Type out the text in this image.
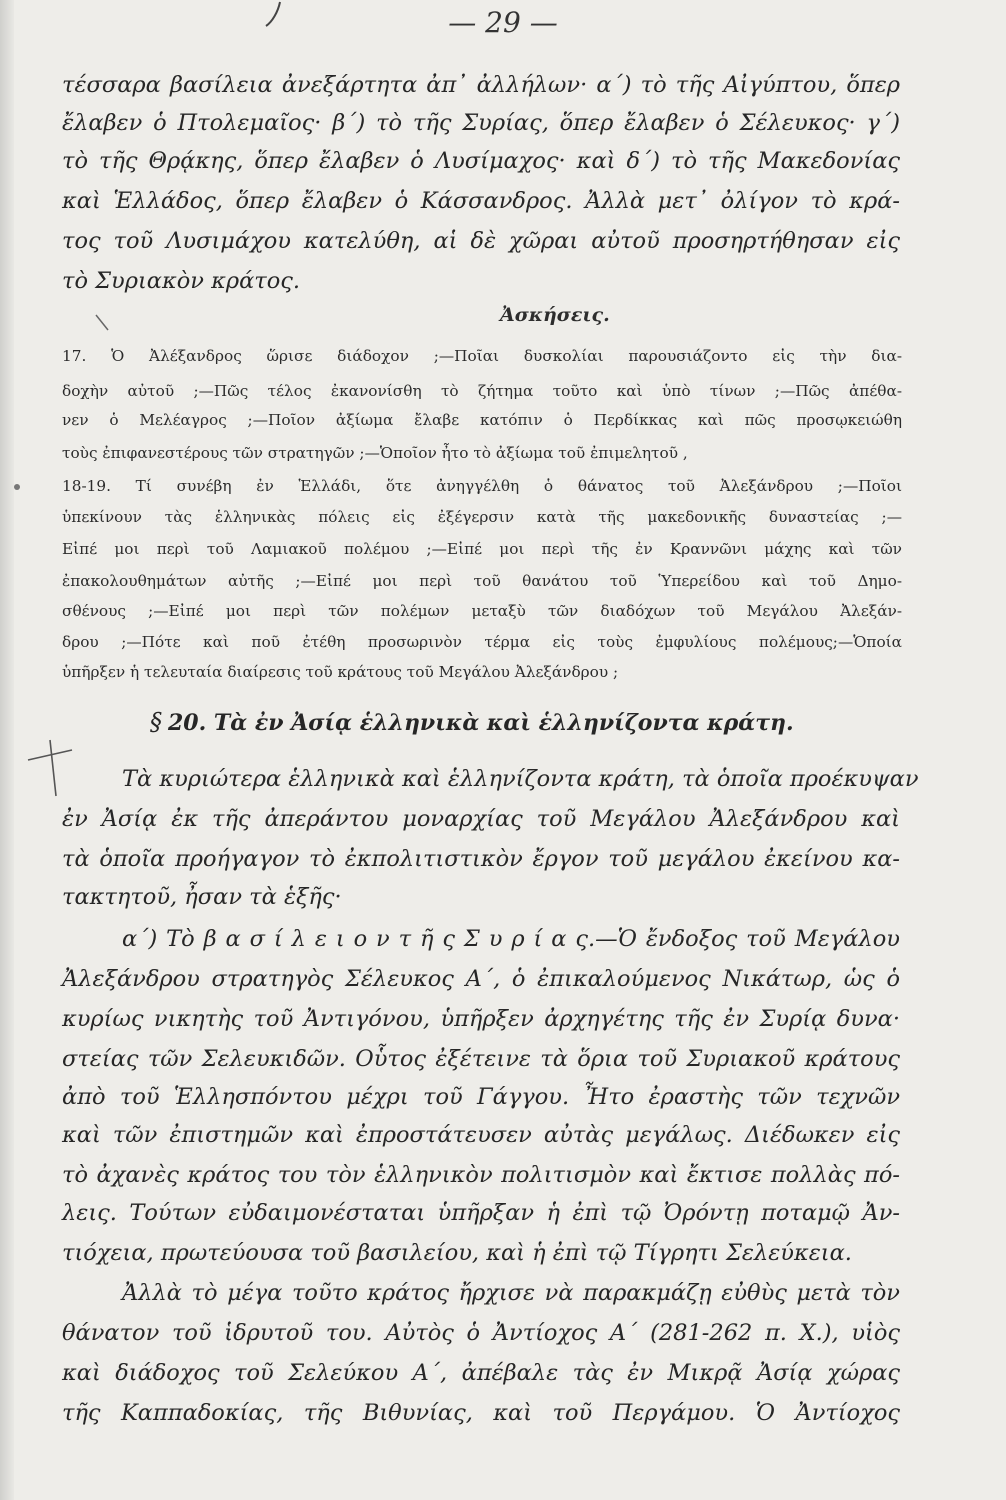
— 29 —
τέσσαρα βασίλεια ἀνεξάρτητα ἀπ᾽ ἀλλήλων· α΄) τὸ τῆς Αἰγύπτου, ὅπερ
ἔλαβεν ὁ Πτολεμαῖος· β΄) τὸ τῆς Συρίας, ὅπερ ἔλαβεν ὁ Σέλευκος· γ΄)
τὸ τῆς Θρᾴκης, ὅπερ ἔλαβεν ὁ Λυσίμαχος· καὶ δ΄) τὸ τῆς Μακεδονίας
καὶ Ἑλλάδος, ὅπερ ἔλαβεν ὁ Κάσσανδρος. Ἀλλὰ μετ᾽ ὀλίγον τὸ κρά-
τος τοῦ Λυσιμάχου κατελύθη, αἱ δὲ χῶραι αὐτοῦ προσηρτήθησαν εἰς
τὸ Συριακὸν κράτος.
Ἀσκήσεις.
17. Ὁ Ἀλέξανδρος ὥρισε διάδοχον ;—Ποῖαι δυσκολίαι παρουσιάζοντο εἰς τὴν δια-
δοχὴν αὐτοῦ ;—Πῶς τέλος ἐκανονίσθη τὸ ζήτημα τοῦτο καὶ ὑπὸ τίνων ;—Πῶς ἀπέθα-
νεν ὁ Μελέαγρος ;—Ποῖον ἀξίωμα ἔλαβε κατόπιν ὁ Περδίκκας καὶ πῶς προσῳκειώθη
τοὺς ἐπιφανεστέρους τῶν στρατηγῶν ;—Ὁποῖον ἦτο τὸ ἀξίωμα τοῦ ἐπιμελητοῦ ,
18-19. Τί συνέβη ἐν Ἑλλάδι, ὅτε ἀνηγγέλθη ὁ θάνατος τοῦ Ἀλεξάνδρου ;—Ποῖοι
ὑπεκίνουν τὰς ἑλληνικὰς πόλεις εἰς ἐξέγερσιν κατὰ τῆς μακεδονικῆς δυναστείας ;—
Εἰπέ μοι περὶ τοῦ Λαμιακοῦ πολέμου ;—Εἰπέ μοι περὶ τῆς ἐν Κραννῶνι μάχης καὶ τῶν
ἐπακολουθημάτων αὐτῆς ;—Εἰπέ μοι περὶ τοῦ θανάτου τοῦ Ὑπερείδου καὶ τοῦ Δημο-
σθένους ;—Εἰπέ μοι περὶ τῶν πολέμων μεταξὺ τῶν διαδόχων τοῦ Μεγάλου Ἀλεξάν-
δρου ;—Πότε καὶ ποῦ ἐτέθη προσωρινὸν τέρμα εἰς τοὺς ἐμφυλίους πολέμους;—Ὁποία
ὑπῆρξεν ἡ τελευταία διαίρεσις τοῦ κράτους τοῦ Μεγάλου Ἀλεξάνδρου ;
§ 20. Τὰ ἐν Ἀσίᾳ ἑλληνικὰ καὶ ἑλληνίζοντα κράτη.
Τὰ κυριώτερα ἑλληνικὰ καὶ ἑλληνίζοντα κράτη, τὰ ὁποῖα προέκυψαν
ἐν Ἀσίᾳ ἐκ τῆς ἀπεράντου μοναρχίας τοῦ Μεγάλου Ἀλεξάνδρου καὶ
τὰ ὁποῖα προήγαγον τὸ ἐκπολιτιστικὸν ἔργον τοῦ μεγάλου ἐκείνου κα-
τακτητοῦ, ἦσαν τὰ ἑξῆς·
α΄) Τὸ β α σ ί λ ε ι ο ν τ ῆ ς Σ υ ρ ί α ς.—Ὁ ἔνδοξος τοῦ Μεγάλου
Ἀλεξάνδρου στρατηγὸς Σέλευκος Α΄, ὁ ἐπικαλούμενος Νικάτωρ, ὡς ὁ
κυρίως νικητὴς τοῦ Ἀντιγόνου, ὑπῆρξεν ἀρχηγέτης τῆς ἐν Συρίᾳ δυνα·
στείας τῶν Σελευκιδῶν. Οὗτος ἐξέτεινε τὰ ὅρια τοῦ Συριακοῦ κράτους
ἀπὸ τοῦ Ἑλλησπόντου μέχρι τοῦ Γάγγου. Ἦτο ἐραστὴς τῶν τεχνῶν
καὶ τῶν ἐπιστημῶν καὶ ἐπροστάτευσεν αὐτὰς μεγάλως. Διέδωκεν εἰς
τὸ ἀχανὲς κράτος του τὸν ἑλληνικὸν πολιτισμὸν καὶ ἔκτισε πολλὰς πό-
λεις. Τούτων εὐδαιμονέσταται ὑπῆρξαν ἡ ἐπὶ τῷ Ὀρόντῃ ποταμῷ Ἀν-
τιόχεια, πρωτεύουσα τοῦ βασιλείου, καὶ ἡ ἐπὶ τῷ Τίγρητι Σελεύκεια.
Ἀλλὰ τὸ μέγα τοῦτο κράτος ἤρχισε νὰ παρακμάζῃ εὐθὺς μετὰ τὸν
θάνατον τοῦ ἱδρυτοῦ του. Αὐτὸς ὁ Ἀντίοχος Α΄ (281-262 π. Χ.), υἱὸς
καὶ διάδοχος τοῦ Σελεύκου Α΄, ἀπέβαλε τὰς ἐν Μικρᾷ Ἀσίᾳ χώρας
τῆς Καππαδοκίας, τῆς Βιθυνίας, καὶ τοῦ Περγάμου. Ὁ Ἀντίοχος
